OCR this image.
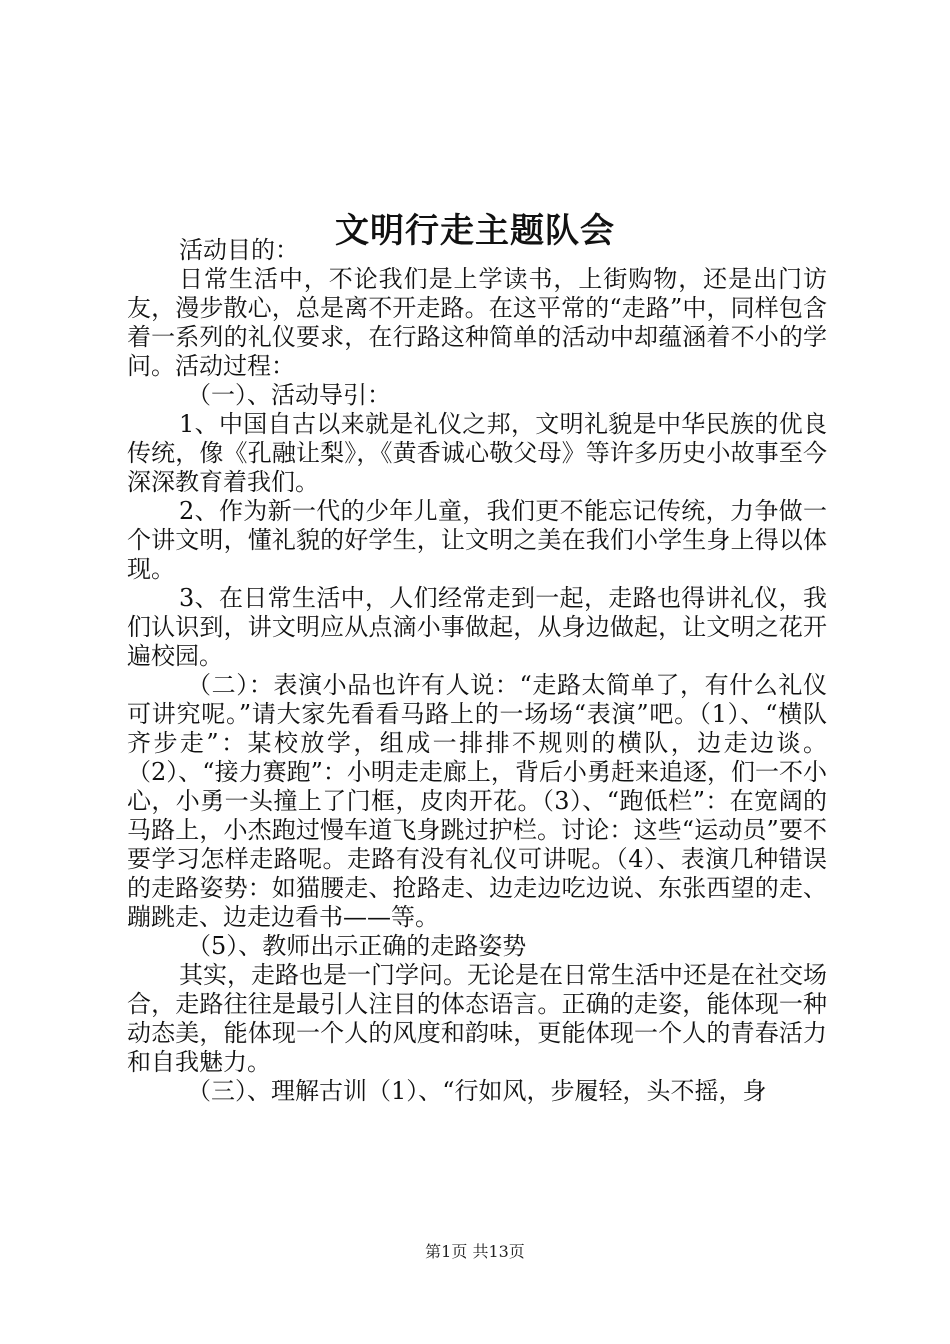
文明行走主题队会

活动目的：

日常生活中，不论我们是上学读书，上街购物，还是出门访友，漫步散心，总是离不开走路。在这平常的“走路”中，同样包含着一系列的礼仪要求，在行路这种简单的活动中却蕴涵着不小的学问。活动过程：

（一）、活动导引：

1、中国自古以来就是礼仪之邦，文明礼貌是中华民族的优良传统，像《孔融让梨》，《黄香诚心敬父母》等许多历史小故事至今深深教育着我们。

2、作为新一代的少年儿童，我们更不能忘记传统，力争做一个讲文明，懂礼貌的好学生，让文明之美在我们小学生身上得以体现。

3、在日常生活中，人们经常走到一起，走路也得讲礼仪，我们认识到，讲文明应从点滴小事做起，从身边做起，让文明之花开遍校园。

（二）：表演小品也许有人说：“走路太简单了，有什么礼仪可讲究呢。”请大家先看看马路上的一场场“表演”吧。（1）、“横队齐步走”：某校放学，组成一排排不规则的横队，边走边谈。（2）、“接力赛跑”：小明走走廊上，背后小勇赶来追逐，们一不小心，小勇一头撞上了门框，皮肉开花。（3）、“跑低栏”：在宽阔的马路上，小杰跑过慢车道飞身跳过护栏。讨论：这些“运动员”要不要学习怎样走路呢。走路有没有礼仪可讲呢。（4）、表演几种错误的走路姿势：如猫腰走、抢路走、边走边吃边说、东张西望的走、蹦跳走、边走边看书——等。

（5）、教师出示正确的走路姿势

其实，走路也是一门学问。无论是在日常生活中还是在社交场合，走路往往是最引人注目的体态语言。正确的走姿，能体现一种动态美，能体现一个人的风度和韵味，更能体现一个人的青春活力和自我魅力。

（三）、理解古训（1）、“行如风，步履轻，头不摇，身

第1页 共13页
